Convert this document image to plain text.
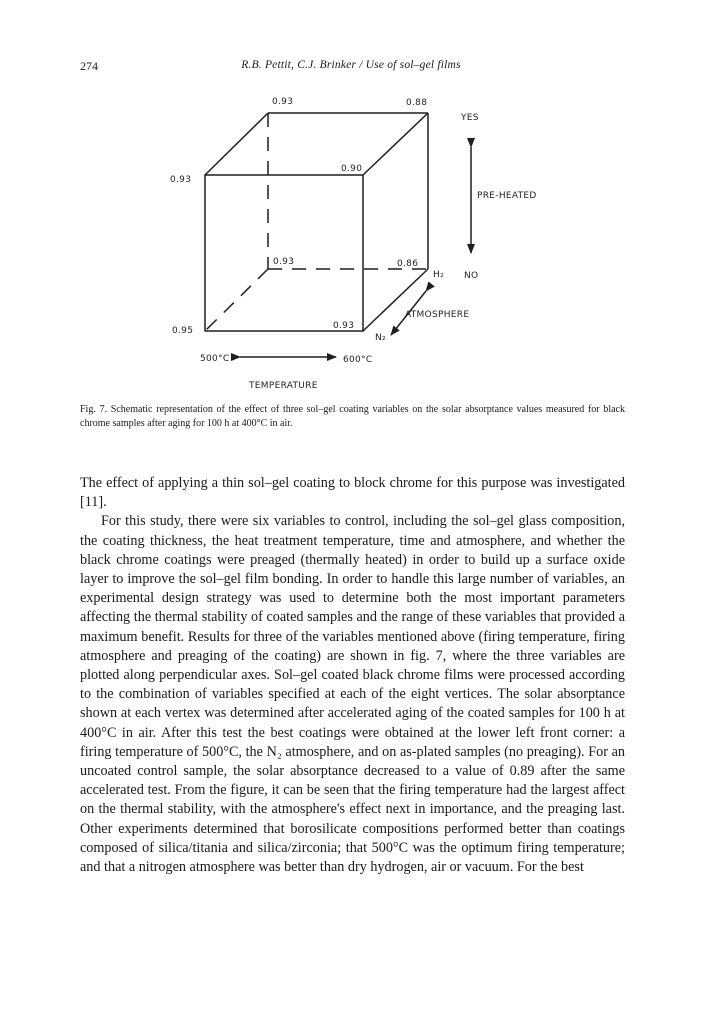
274	R.B. Pettit, C.J. Brinker / Use of sol–gel films
0.93	0.88
0.93
0.90
0.93	0.86
0.95	0.93
YES
PRE-HEATED
NO
H₂
ATMOSPHERE
N₂
500°C	600°C
TEMPERATURE

Fig. 7. Schematic representation of the effect of three sol–gel coating variables on the solar absorptance values measured for black chrome samples after aging for 100 h at 400°C in air.

The effect of applying a thin sol–gel coating to block chrome for this purpose was investigated [11].

For this study, there were six variables to control, including the sol–gel glass composition, the coating thickness, the heat treatment temperature, time and atmosphere, and whether the black chrome coatings were preaged (thermally heated) in order to build up a surface oxide layer to improve the sol–gel film bonding. In order to handle this large number of variables, an experimental design strategy was used to determine both the most important parameters affecting the thermal stability of coated samples and the range of these variables that provided a maximum benefit. Results for three of the variables mentioned above (firing temperature, firing atmosphere and preaging of the coating) are shown in fig. 7, where the three variables are plotted along perpendicular axes. Sol–gel coated black chrome films were processed according to the combination of variables specified at each of the eight vertices. The solar absorptance shown at each vertex was determined after accelerated aging of the coated samples for 100 h at 400°C in air. After this test the best coatings were obtained at the lower left front corner: a firing temperature of 500°C, the N₂ atmosphere, and on as-plated samples (no preaging). For an uncoated control sample, the solar absorptance decreased to a value of 0.89 after the same accelerated test. From the figure, it can be seen that the firing temperature had the largest affect on the thermal stability, with the atmosphere's effect next in importance, and the preaging last. Other experiments determined that borosilicate compositions performed better than coatings composed of silica/titania and silica/zirconia; that 500°C was the optimum firing temperature; and that a nitrogen atmosphere was better than dry hydrogen, air or vacuum. For the best
